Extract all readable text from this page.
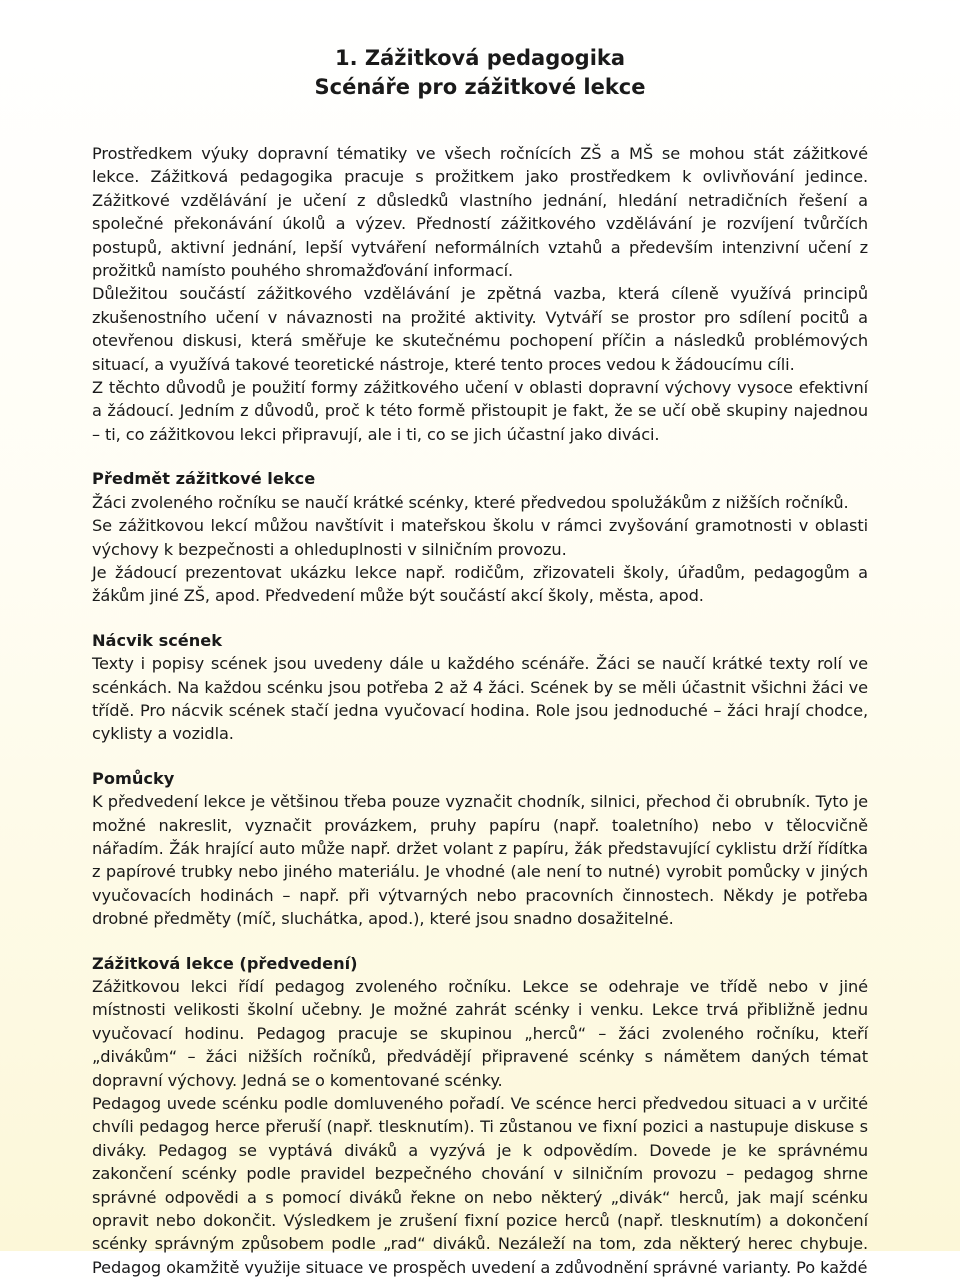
1. Zážitková pedagogika
Scénáře pro zážitkové lekce

Prostředkem výuky dopravní tématiky ve všech ročnících ZŠ a MŠ se mohou stát zážitkové lekce. Zážitková pedagogika pracuje s prožitkem jako prostředkem k ovlivňování jedince. Zážitkové vzdělávání je učení z důsledků vlastního jednání, hledání netradičních řešení a společné překonávání úkolů a výzev. Předností zážitkového vzdělávání je rozvíjení tvůrčích postupů, aktivní jednání, lepší vytváření neformálních vztahů a především intenzivní učení z prožitků namísto pouhého shromažďování informací.

Důležitou součástí zážitkového vzdělávání je zpětná vazba, která cíleně využívá principů zkušenostního učení v návaznosti na prožité aktivity. Vytváří se prostor pro sdílení pocitů a otevřenou diskusi, která směřuje ke skutečnému pochopení příčin a následků problémových situací, a využívá takové teoretické nástroje, které tento proces vedou k žádoucímu cíli.

Z těchto důvodů je použití formy zážitkového učení v oblasti dopravní výchovy vysoce efektivní a žádoucí. Jedním z důvodů, proč k této formě přistoupit je fakt, že se učí obě skupiny najednou – ti, co zážitkovou lekci připravují, ale i ti, co se jich účastní jako diváci.

Předmět zážitkové lekce

Žáci zvoleného ročníku se naučí krátké scénky, které předvedou spolužákům z nižších ročníků.

Se zážitkovou lekcí můžou navštívit i mateřskou školu v rámci zvyšování gramotnosti v oblasti výchovy k bezpečnosti a ohleduplnosti v silničním provozu.

Je žádoucí prezentovat ukázku lekce např. rodičům, zřizovateli školy, úřadům, pedagogům a žákům jiné ZŠ, apod. Předvedení může být součástí akcí školy, města, apod.

Nácvik scének

Texty i popisy scének jsou uvedeny dále u každého scénáře. Žáci se naučí krátké texty rolí ve scénkách. Na každou scénku jsou potřeba 2 až 4 žáci. Scének by se měli účastnit všichni žáci ve třídě. Pro nácvik scének stačí jedna vyučovací hodina. Role jsou jednoduché – žáci hrají chodce, cyklisty a vozidla.

Pomůcky

K předvedení lekce je většinou třeba pouze vyznačit chodník, silnici, přechod či obrubník. Tyto je možné nakreslit, vyznačit provázkem, pruhy papíru (např. toaletního) nebo v tělocvičně nářadím. Žák hrající auto může např. držet volant z papíru, žák představující cyklistu drží řídítka z papírové trubky nebo jiného materiálu. Je vhodné (ale není to nutné) vyrobit pomůcky v jiných vyučovacích hodinách – např. při výtvarných nebo pracovních činnostech. Někdy je potřeba drobné předměty (míč, sluchátka, apod.), které jsou snadno dosažitelné.

Zážitková lekce (předvedení)

Zážitkovou lekci řídí pedagog zvoleného ročníku. Lekce se odehraje ve třídě nebo v jiné místnosti velikosti školní učebny. Je možné zahrát scénky i venku. Lekce trvá přibližně jednu vyučovací hodinu. Pedagog pracuje se skupinou „herců“ – žáci zvoleného ročníku, kteří „divákům“ – žáci nižších ročníků, předvádějí připravené scénky s námětem daných témat dopravní výchovy. Jedná se o komentované scénky.

Pedagog uvede scénku podle domluveného pořadí. Ve scénce herci předvedou situaci a v určité chvíli pedagog herce přeruší (např. tlesknutím). Ti zůstanou ve fixní pozici a nastupuje diskuse s diváky. Pedagog se vyptává diváků a vyzývá je k odpovědím. Dovede je ke správnému zakončení scénky podle pravidel bezpečného chování v silničním provozu – pedagog shrne správné odpovědi a s pomocí diváků řekne on nebo některý „divák“ herců, jak mají scénku opravit nebo dokončit. Výsledkem je zrušení fixní pozice herců (např. tlesknutím) a dokončení scénky správným způsobem podle „rad“ diváků. Nezáleží na tom, zda některý herec chybuje. Pedagog okamžitě využije situace ve prospěch uvedení a zdůvodnění správné varianty. Po každé
